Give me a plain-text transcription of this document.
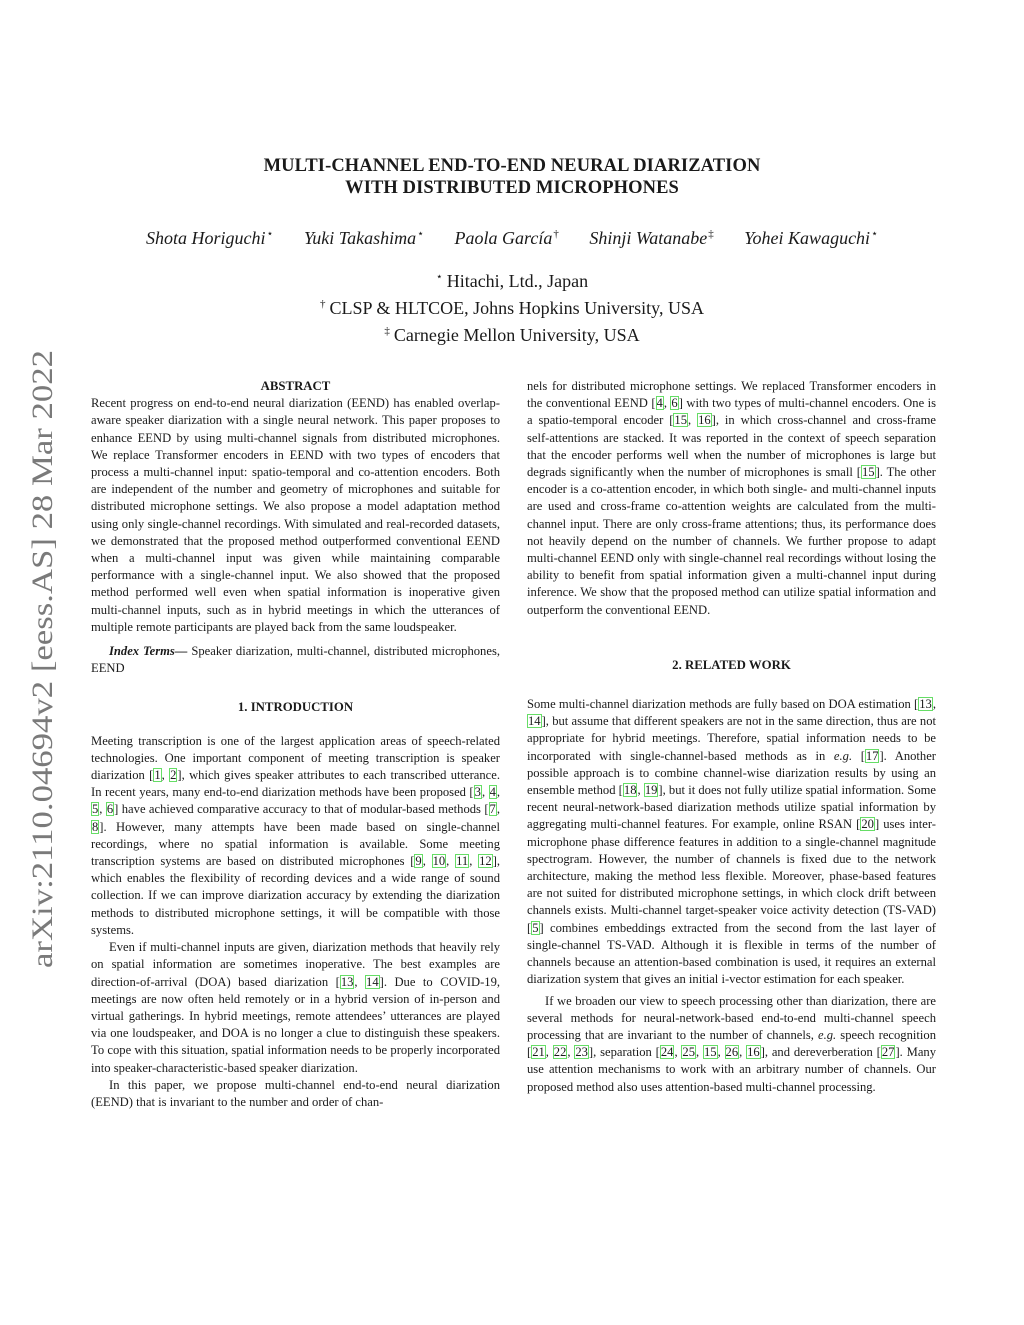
arXiv:2110.04694v2 [eess.AS] 28 Mar 2022
MULTI-CHANNEL END-TO-END NEURAL DIARIZATION
WITH DISTRIBUTED MICROPHONES
Shota Horiguchi⋆ Yuki Takashima⋆ Paola García† Shinji Watanabe‡ Yohei Kawaguchi⋆
⋆ Hitachi, Ltd., Japan
† CLSP & HLTCOE, Johns Hopkins University, USA
‡ Carnegie Mellon University, USA
ABSTRACT

Recent progress on end-to-end neural diarization (EEND) has enabled overlap-aware speaker diarization with a single neural network. This paper proposes to enhance EEND by using multi-channel signals from distributed microphones. We replace Transformer encoders in EEND with two types of encoders that process a multi-channel input: spatio-temporal and co-attention encoders. Both are independent of the number and geometry of microphones and suitable for distributed microphone settings. We also propose a model adaptation method using only single-channel recordings. With simulated and real-recorded datasets, we demonstrated that the proposed method outperformed conventional EEND when a multi-channel input was given while maintaining comparable performance with a single-channel input. We also showed that the proposed method performed well even when spatial information is inoperative given multi-channel inputs, such as in hybrid meetings in which the utterances of multiple remote participants are played back from the same loudspeaker.

Index Terms— Speaker diarization, multi-channel, distributed microphones, EEND

1. INTRODUCTION

Meeting transcription is one of the largest application areas of speech-related technologies. One important component of meeting transcription is speaker diarization [1, 2], which gives speaker attributes to each transcribed utterance. In recent years, many end-to-end diarization methods have been proposed [3, 4, 5, 6] have achieved comparative accuracy to that of modular-based methods [7, 8]. However, many attempts have been made based on single-channel recordings, where no spatial information is available. Some meeting transcription systems are based on distributed microphones [9, 10, 11, 12], which enables the flexibility of recording devices and a wide range of sound collection. If we can improve diarization accuracy by extending the diarization methods to distributed microphone settings, it will be compatible with those systems.

Even if multi-channel inputs are given, diarization methods that heavily rely on spatial information are sometimes inoperative. The best examples are direction-of-arrival (DOA) based diarization [13, 14]. Due to COVID-19, meetings are now often held remotely or in a hybrid version of in-person and virtual gatherings. In hybrid meetings, remote attendees’ utterances are played via one loudspeaker, and DOA is no longer a clue to distinguish these speakers. To cope with this situation, spatial information needs to be properly incorporated into speaker-characteristic-based speaker diarization.

In this paper, we propose multi-channel end-to-end neural diarization (EEND) that is invariant to the number and order of chan-

nels for distributed microphone settings. We replaced Transformer encoders in the conventional EEND [4, 6] with two types of multi-channel encoders. One is a spatio-temporal encoder [15, 16], in which cross-channel and cross-frame self-attentions are stacked. It was reported in the context of speech separation that the encoder performs well when the number of microphones is large but degrads significantly when the number of microphones is small [15]. The other encoder is a co-attention encoder, in which both single- and multi-channel inputs are used and cross-frame co-attention weights are calculated from the multi-channel input. There are only cross-frame attentions; thus, its performance does not heavily depend on the number of channels. We further propose to adapt multi-channel EEND only with single-channel real recordings without losing the ability to benefit from spatial information given a multi-channel input during inference. We show that the proposed method can utilize spatial information and outperform the conventional EEND.

2. RELATED WORK

Some multi-channel diarization methods are fully based on DOA estimation [13, 14], but assume that different speakers are not in the same direction, thus are not appropriate for hybrid meetings. Therefore, spatial information needs to be incorporated with single-channel-based methods as in e.g. [17]. Another possible approach is to combine channel-wise diarization results by using an ensemble method [18, 19], but it does not fully utilize spatial information. Some recent neural-network-based diarization methods utilize spatial information by aggregating multi-channel features. For example, online RSAN [20] uses inter-microphone phase difference features in addition to a single-channel magnitude spectrogram. However, the number of channels is fixed due to the network architecture, making the method less flexible. Moreover, phase-based features are not suited for distributed microphone settings, in which clock drift between channels exists. Multi-channel target-speaker voice activity detection (TS-VAD) [5] combines embeddings extracted from the second from the last layer of single-channel TS-VAD. Although it is flexible in terms of the number of channels because an attention-based combination is used, it requires an external diarization system that gives an initial i-vector estimation for each speaker.

If we broaden our view to speech processing other than diarization, there are several methods for neural-network-based end-to-end multi-channel speech processing that are invariant to the number of channels, e.g. speech recognition [21, 22, 23], separation [24, 25, 15, 26, 16], and dereverberation [27]. Many use attention mechanisms to work with an arbitrary number of channels. Our proposed method also uses attention-based multi-channel processing.
